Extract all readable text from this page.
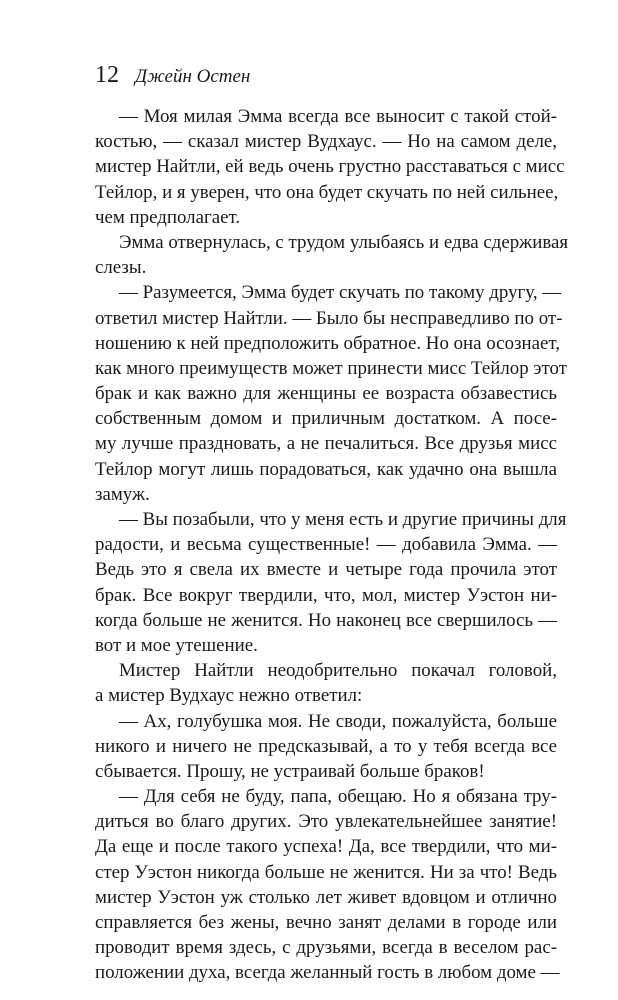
12 Джейн Остен
— Моя милая Эмма всегда все выносит с такой стой-
костью, — сказал мистер Вудхаус. — Но на самом деле,
мистер Найтли, ей ведь очень грустно расставаться с мисс
Тейлор, и я уверен, что она будет скучать по ней сильнее,
чем предполагает.
Эмма отвернулась, с трудом улыбаясь и едва сдерживая
слезы.
— Разумеется, Эмма будет скучать по такому другу, —
ответил мистер Найтли. — Было бы несправедливо по от-
ношению к ней предположить обратное. Но она осознает,
как много преимуществ может принести мисс Тейлор этот
брак и как важно для женщины ее возраста обзавестись
собственным домом и приличным достатком. А посе-
му лучше праздновать, а не печалиться. Все друзья мисс
Тейлор могут лишь порадоваться, как удачно она вышла
замуж.
— Вы позабыли, что у меня есть и другие причины для
радости, и весьма существенные! — добавила Эмма. —
Ведь это я свела их вместе и четыре года прочила этот
брак. Все вокруг твердили, что, мол, мистер Уэстон ни-
когда больше не женится. Но наконец все свершилось —
вот и мое утешение.
Мистер Найтли неодобрительно покачал головой,
а мистер Вудхаус нежно ответил:
— Ах, голубушка моя. Не своди, пожалуйста, больше
никого и ничего не предсказывай, а то у тебя всегда все
сбывается. Прошу, не устраивай больше браков!
— Для себя не буду, папа, обещаю. Но я обязана тру-
диться во благо других. Это увлекательнейшее занятие!
Да еще и после такого успеха! Да, все твердили, что ми-
стер Уэстон никогда больше не женится. Ни за что! Ведь
мистер Уэстон уж столько лет живет вдовцом и отлично
справляется без жены, вечно занят делами в городе или
проводит время здесь, с друзьями, всегда в веселом рас-
положении духа, всегда желанный гость в любом доме —
